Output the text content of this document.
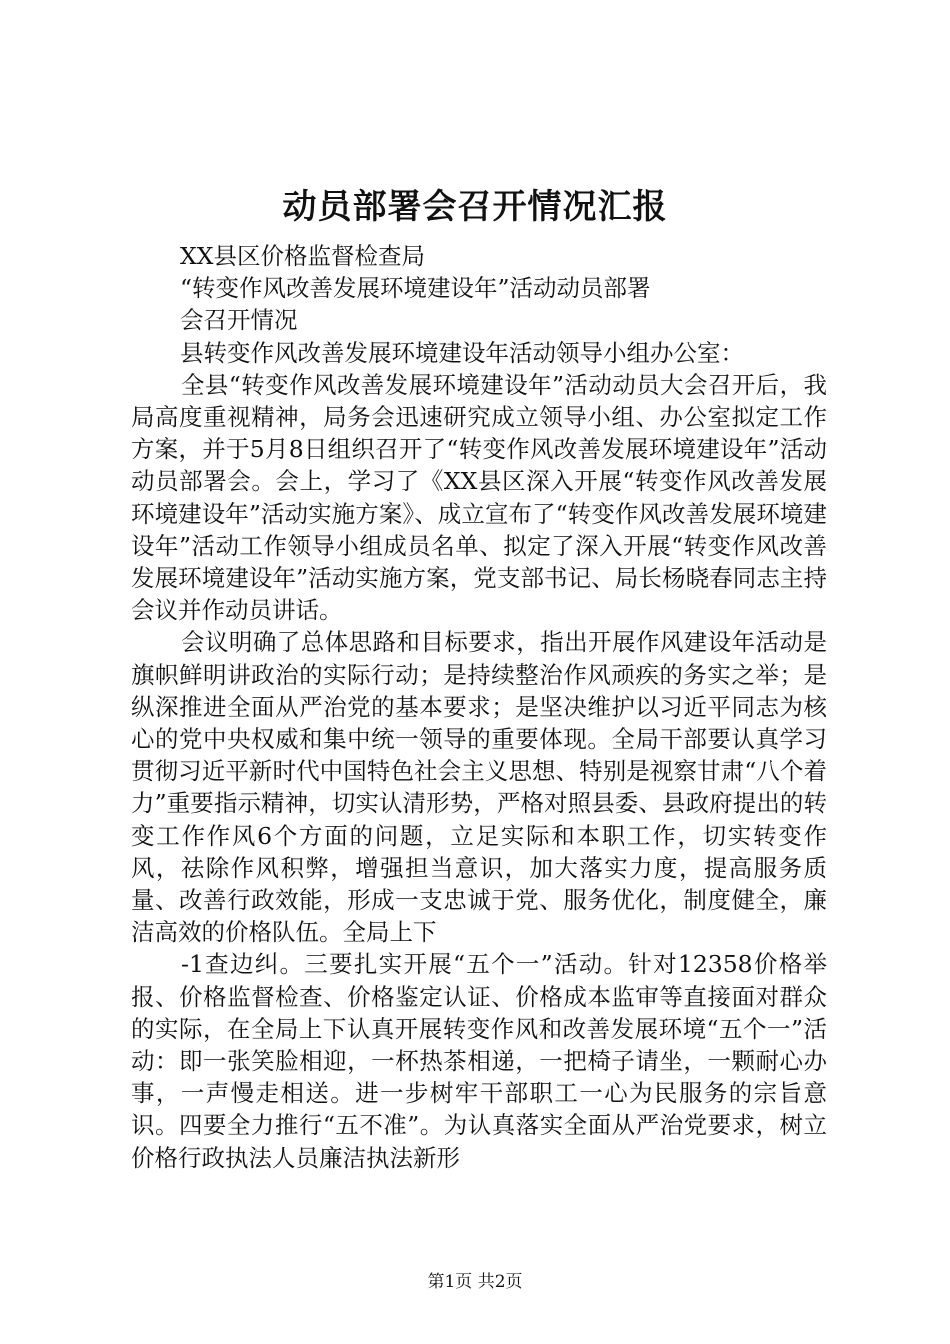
动员部署会召开情况汇报
XX县区价格监督检查局
“转变作风改善发展环境建设年”活动动员部署
会召开情况
县转变作风改善发展环境建设年活动领导小组办公室：

全县“转变作风改善发展环境建设年”活动动员大会召开后，我局高度重视精神，局务会迅速研究成立领导小组、办公室拟定工作方案，并于5月8日组织召开了“转变作风改善发展环境建设年”活动动员部署会。会上，学习了《XX县区深入开展“转变作风改善发展环境建设年”活动实施方案》、成立宣布了“转变作风改善发展环境建设年”活动工作领导小组成员名单、拟定了深入开展“转变作风改善发展环境建设年”活动实施方案，党支部书记、局长杨晓春同志主持会议并作动员讲话。

会议明确了总体思路和目标要求，指出开展作风建设年活动是旗帜鲜明讲政治的实际行动；是持续整治作风顽疾的务实之举；是纵深推进全面从严治党的基本要求；是坚决维护以习近平同志为核心的党中央权威和集中统一领导的重要体现。全局干部要认真学习贯彻习近平新时代中国特色社会主义思想、特别是视察甘肃“八个着力”重要指示精神，切实认清形势，严格对照县委、县政府提出的转变工作作风6个方面的问题，立足实际和本职工作，切实转变作风，祛除作风积弊，增强担当意识，加大落实力度，提高服务质量、改善行政效能，形成一支忠诚于党、服务优化，制度健全，廉洁高效的价格队伍。全局上下

-1查边纠。三要扎实开展“五个一”活动。针对12358价格举报、价格监督检查、价格鉴定认证、价格成本监审等直接面对群众的实际，在全局上下认真开展转变作风和改善发展环境“五个一”活动：即一张笑脸相迎，一杯热茶相递，一把椅子请坐，一颗耐心办事，一声慢走相送。进一步树牢干部职工一心为民服务的宗旨意识。四要全力推行“五不准”。为认真落实全面从严治党要求，树立价格行政执法人员廉洁执法新形

第1页 共2页
